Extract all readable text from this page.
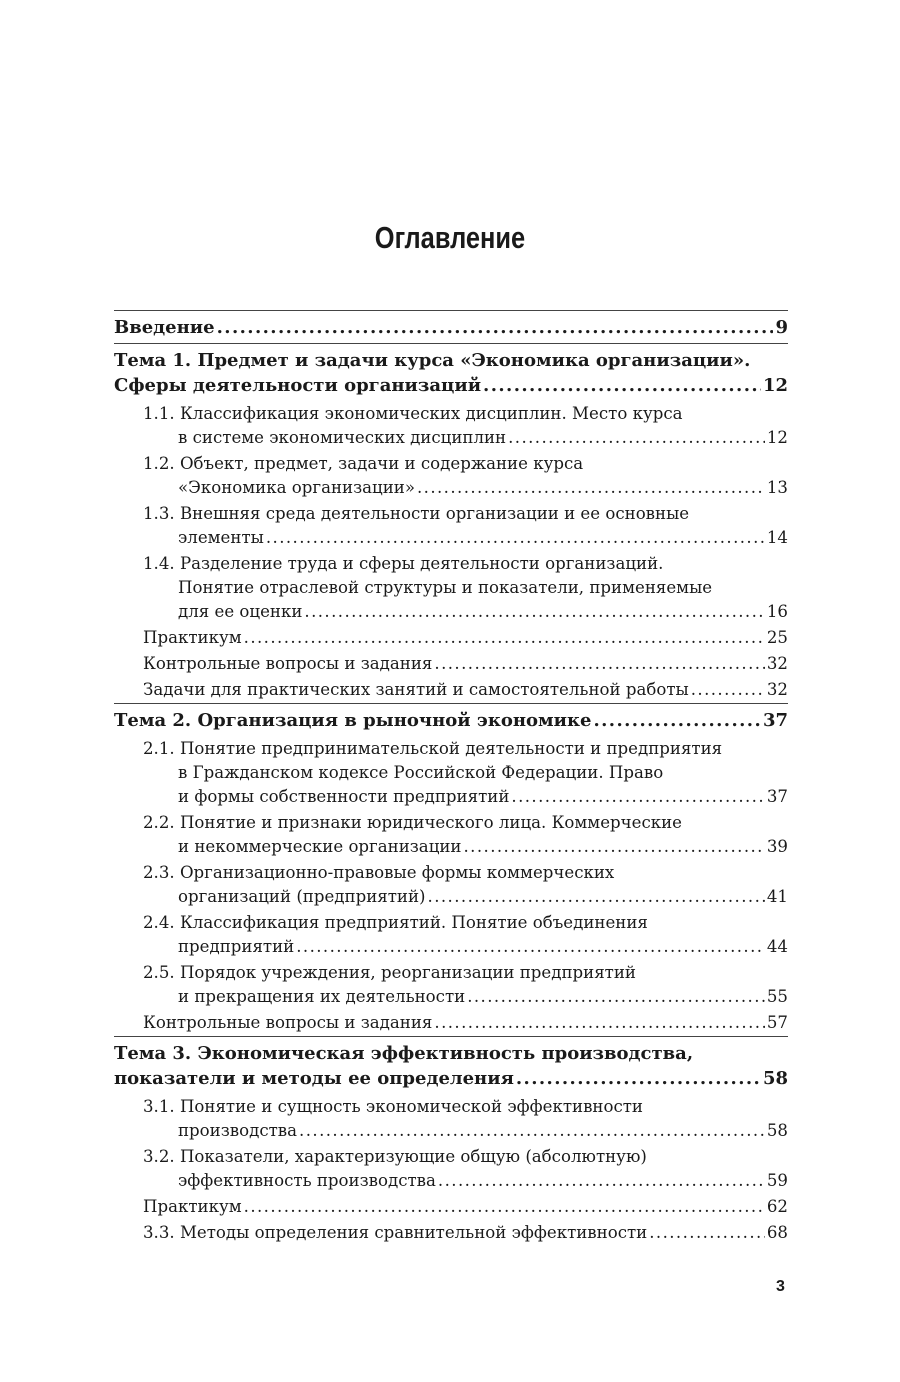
Оглавление
Введение .....	9
Тема 1. Предмет и задачи курса «Экономика организации».
Сферы деятельности организаций .....	12
1.1. Классификация экономических дисциплин. Место курса
в системе экономических дисциплин .....	12
1.2. Объект, предмет, задачи и содержание курса
«Экономика организации» .....	13
1.3. Внешняя среда деятельности организации и ее основные
элементы .....	14
1.4. Разделение труда и сферы деятельности организаций.
Понятие отраслевой структуры и показатели, применяемые
для ее оценки .....	16
Практикум .....	25
Контрольные вопросы и задания .....	32
Задачи для практических занятий и самостоятельной работы .....	32
Тема 2. Организация в рыночной экономике .....	37
2.1. Понятие предпринимательской деятельности и предприятия
в Гражданском кодексе Российской Федерации. Право
и формы собственности предприятий .....	37
2.2. Понятие и признаки юридического лица. Коммерческие
и некоммерческие организации .....	39
2.3. Организационно-правовые формы коммерческих
организаций (предприятий) .....	41
2.4. Классификация предприятий. Понятие объединения
предприятий .....	44
2.5. Порядок учреждения, реорганизации предприятий
и прекращения их деятельности .....	55
Контрольные вопросы и задания .....	57
Тема 3. Экономическая эффективность производства,
показатели и методы ее определения .....	58
3.1. Понятие и сущность экономической эффективности
производства .....	58
3.2. Показатели, характеризующие общую (абсолютную)
эффективность производства .....	59
Практикум .....	62
3.3. Методы определения сравнительной эффективности .....	68
3
